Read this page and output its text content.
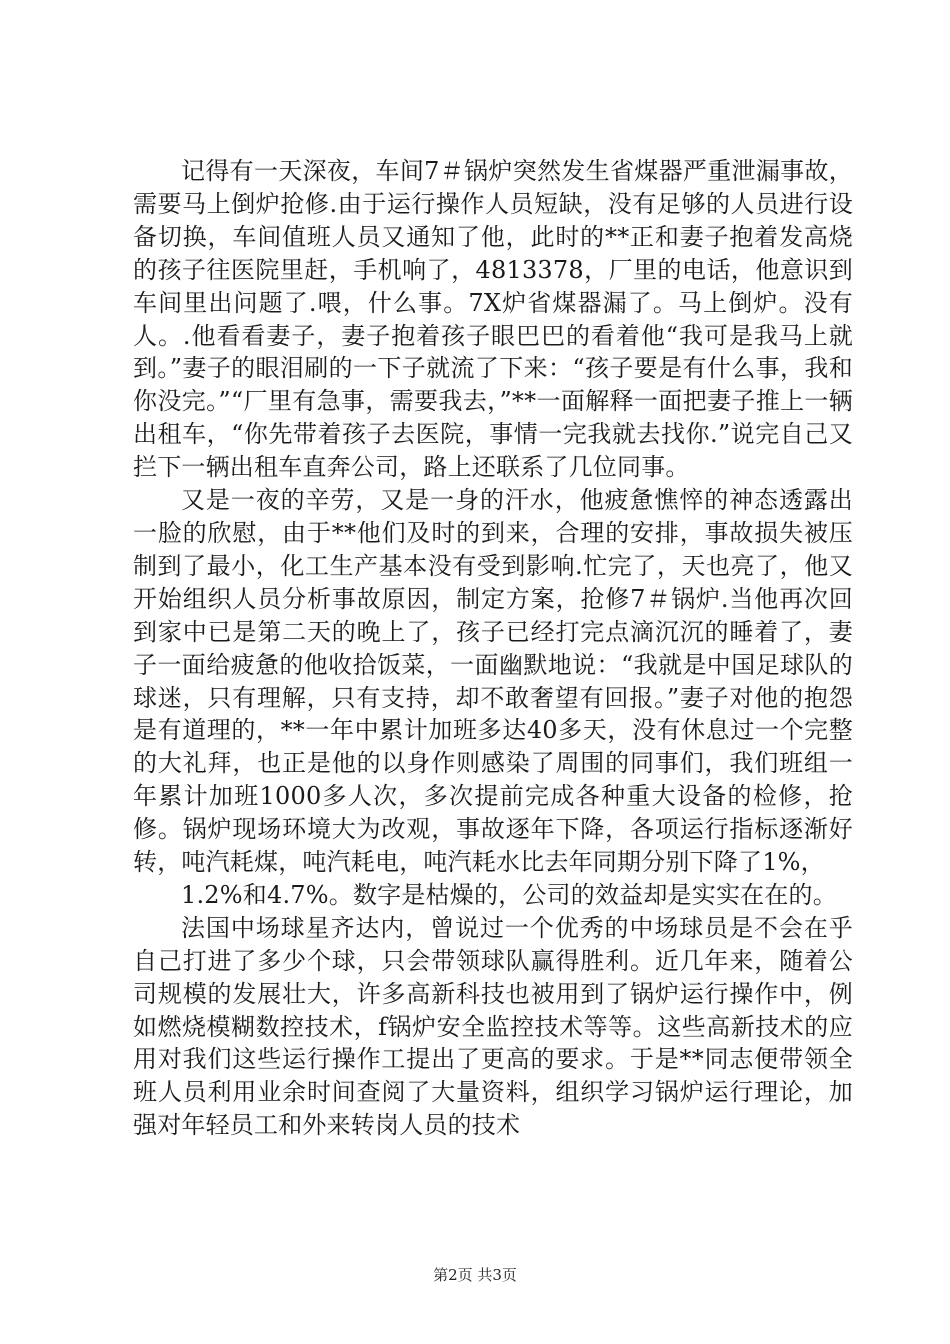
记得有一天深夜，车间7＃锅炉突然发生省煤器严重泄漏事故，需要马上倒炉抢修.由于运行操作人员短缺，没有足够的人员进行设备切换，车间值班人员又通知了他，此时的**正和妻子抱着发高烧的孩子往医院里赶，手机响了，4813378，厂里的电话，他意识到车间里出问题了.喂，什么事。7X炉省煤器漏了。马上倒炉。没有人。.他看看妻子，妻子抱着孩子眼巴巴的看着他“我可是我马上就到。”妻子的眼泪刷的一下子就流了下来：“孩子要是有什么事，我和你没完。”“厂里有急事，需要我去，”**一面解释一面把妻子推上一辆出租车，“你先带着孩子去医院，事情一完我就去找你.”说完自己又拦下一辆出租车直奔公司，路上还联系了几位同事。

又是一夜的辛劳，又是一身的汗水，他疲惫憔悴的神态透露出一脸的欣慰，由于**他们及时的到来，合理的安排，事故损失被压制到了最小，化工生产基本没有受到影响.忙完了，天也亮了，他又开始组织人员分析事故原因，制定方案，抢修7＃锅炉.当他再次回到家中已是第二天的晚上了，孩子已经打完点滴沉沉的睡着了，妻子一面给疲惫的他收拾饭菜，一面幽默地说：“我就是中国足球队的球迷，只有理解，只有支持，却不敢奢望有回报。”妻子对他的抱怨是有道理的，**一年中累计加班多达40多天，没有休息过一个完整的大礼拜，也正是他的以身作则感染了周围的同事们，我们班组一年累计加班1000多人次，多次提前完成各种重大设备的检修，抢修。锅炉现场环境大为改观，事故逐年下降，各项运行指标逐渐好转，吨汽耗煤，吨汽耗电，吨汽耗水比去年同期分别下降了1%，

1.2%和4.7%。数字是枯燥的，公司的效益却是实实在在的。

法国中场球星齐达内，曾说过一个优秀的中场球员是不会在乎自己打进了多少个球，只会带领球队赢得胜利。近几年来，随着公司规模的发展壮大，许多高新科技也被用到了锅炉运行操作中，例如燃烧模糊数控技术，f锅炉安全监控技术等等。这些高新技术的应用对我们这些运行操作工提出了更高的要求。于是**同志便带领全班人员利用业余时间查阅了大量资料，组织学习锅炉运行理论，加强对年轻员工和外来转岗人员的技术

第2页 共3页
